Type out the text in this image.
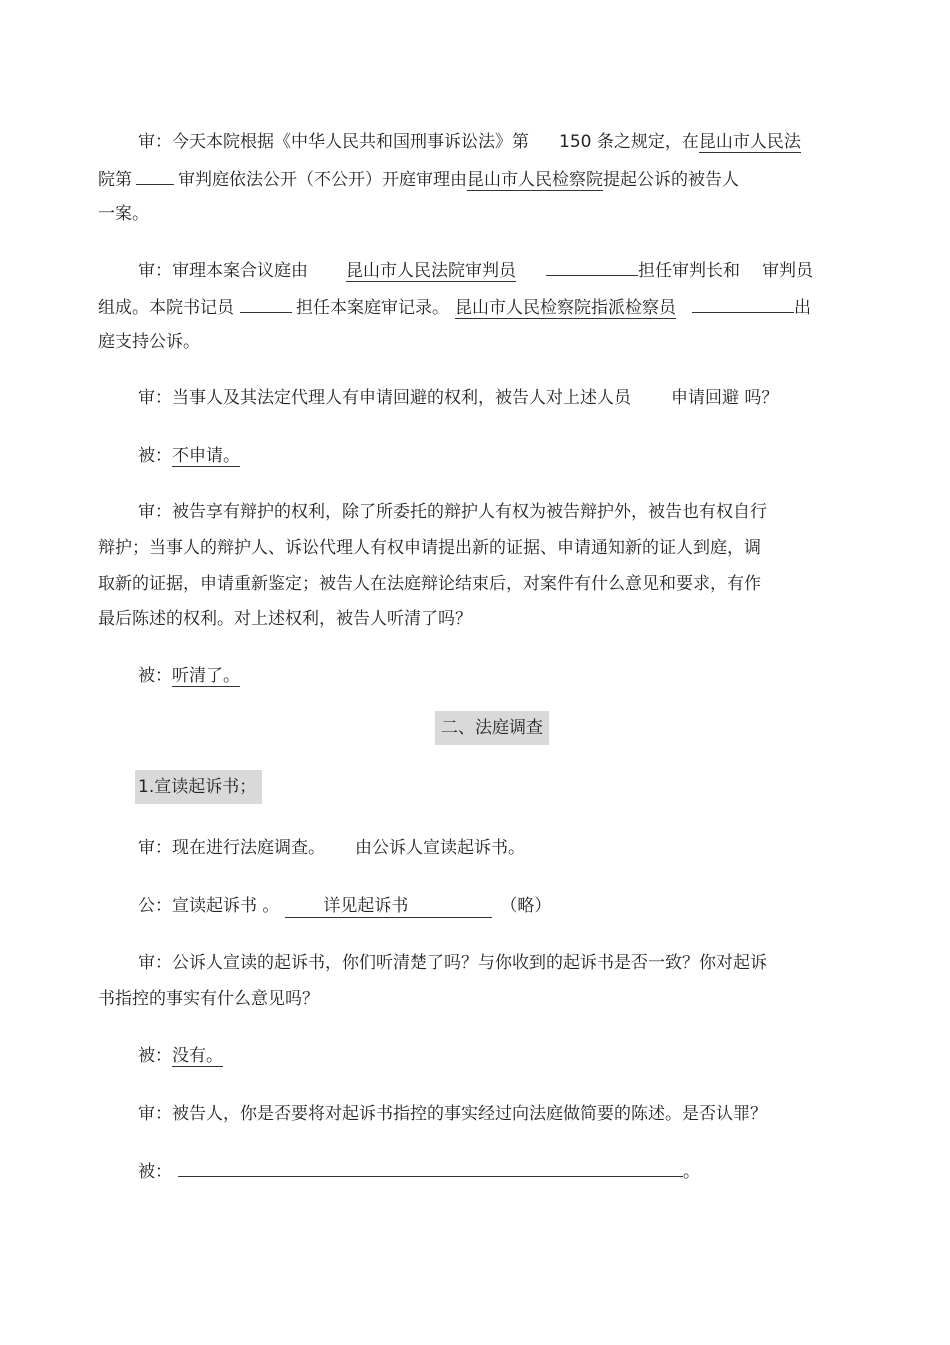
审：今天本院根据《中华人民共和国刑事诉讼法》第 150 条之规定，在昆山市人民法
院第	审判庭依法公开（不公开）开庭审理由昆山市人民检察院提起公诉的被告人
一案。
审：审理本案合议庭由 昆山市人民法院审判员	担任审判长和 审判员
组成。本院书记员	担任本案庭审记录。 昆山市人民检察院指派检察员	出
庭支持公诉。
审：当事人及其法定代理人有申请回避的权利，被告人对上述人员 申请回避 吗？
被：不申请。
审：被告享有辩护的权利，除了所委托的辩护人有权为被告辩护外，被告也有权自行
辩护；当事人的辩护人、诉讼代理人有权申请提出新的证据、申请通知新的证人到庭，调
取新的证据，申请重新鉴定；被告人在法庭辩论结束后，对案件有什么意见和要求，有作
最后陈述的权利。对上述权利，被告人听清了吗？
被：听清了。
二、法庭调查
1.宣读起诉书；
审：现在进行法庭调查。 由公诉人宣读起诉书。
公：宣读起诉书 。	详见起诉书	（略）
审：公诉人宣读的起诉书，你们听清楚了吗？与你收到的起诉书是否一致？你对起诉
书指控的事实有什么意见吗？
被：没有。
审：被告人，你是否要将对起诉书指控的事实经过向法庭做简要的陈述。是否认罪？
被：	。
